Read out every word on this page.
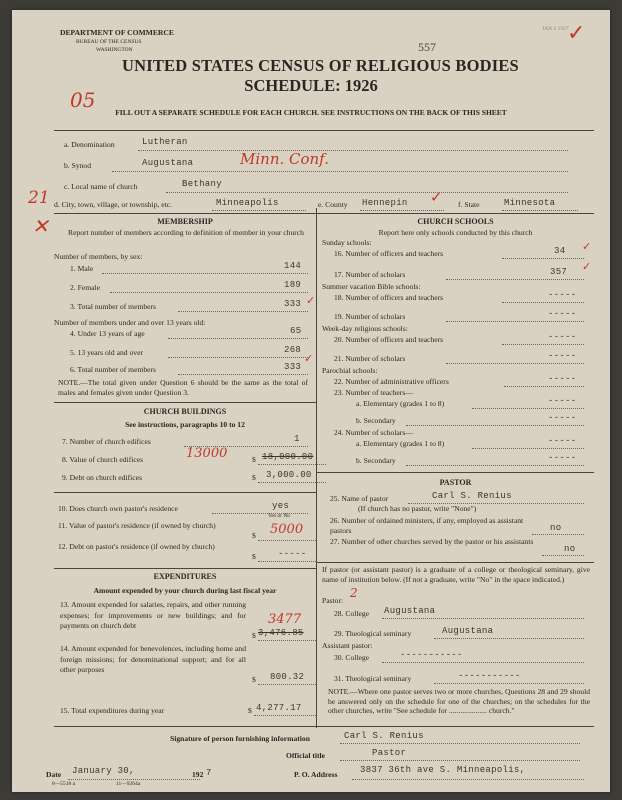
DEPARTMENT OF COMMERCE
BUREAU OF THE CENSUS
WASHINGTON	557
JAN 2 1927
✓
UNITED STATES CENSUS OF RELIGIOUS BODIES
SCHEDULE: 1926
05
FILL OUT A SEPARATE SCHEDULE FOR EACH CHURCH. SEE INSTRUCTIONS ON THE BACK OF THIS SHEET
a. Denomination	Lutheran
b. Synod	Augustana	Minn. Conf.
c. Local name of church	Bethany
21
✕
d. City, town, village, or township, etc.	Minneapolis	e. County Hennepin ✓ f. State	Minnesota
MEMBERSHIP
Report number of members according to definition of member in your church
Number of members, by sex:
1. Male	144
2. Female	189
3. Total number of members	333 ✓
Number of members under and over 13 years old:
4. Under 13 years of age	65
5. 13 years old and over	268
6. Total number of members	333
✓
NOTE.—The total given under Question 6 should be the same as the total of males and females given under Question 3.
CHURCH BUILDINGS
See instructions, paragraphs 10 to 12
7. Number of church edifices	1
8. Value of church edifices	$ 18,000.00
13000
9. Debt on church edifices	$ 3,000.00
10. Does church own pastor's residence	yes
Yes or No
11. Value of pastor's residence (if owned by church)
$ 5000
12. Debt on pastor's residence (if owned by church)
$ -----
EXPENDITURES
Amount expended by your church during last fiscal year
13. Amount expended for salaries, repairs, and other running expenses; for improvements or new buildings; and for payments on church debt
$ 3,476.85
3477
14. Amount expended for benevolences, including home and foreign missions; for denominational support; and for all other purposes
$ 800.32
15. Total expenditures during year	$ 4,277.17
CHURCH SCHOOLS
Report here only schools conducted by this church
Sunday schools:
16. Number of officers and teachers	34 ✓
17. Number of scholars	357 ✓
Summer vacation Bible schools:
18. Number of officers and teachers	-----
19. Number of scholars	-----
Week-day religious schools:
20. Number of officers and teachers	-----
21. Number of scholars	-----
Parochial schools:
22. Number of administrative officers	-----
23. Number of teachers—
a. Elementary (grades 1 to 8)	-----
b. Secondary	-----
24. Number of scholars—
a. Elementary (grades 1 to 8)	-----
b. Secondary	-----
PASTOR
25. Name of pastor	Carl S. Renius
(If church has no pastor, write "None")
26. Number of ordained ministers, if any, employed as assistant pastors	no
27. Number of other churches served by the pastor or his assistants
no
If pastor (or assistant pastor) is a graduate of a college or theological seminary, give name of institution below. (If not a graduate, write "No" in the space indicated.)
Pastor:
2
28. College Augustana
29. Theological seminary	Augustana
Assistant pastor:
30. College	-----------
31. Theological seminary	-----------
NOTE.—Where one pastor serves two or more churches, Questions 28 and 29 should be answered only on the schedule for one of the churches; on the schedules for the other churches, write "See schedule for .................... church."
Signature of person furnishing information	Carl S. Renius
Official title	Pastor
Date January 30,	192 7	P. O. Address	3837 36th ave S. Minneapolis,
8—5518 a	11—9264a
